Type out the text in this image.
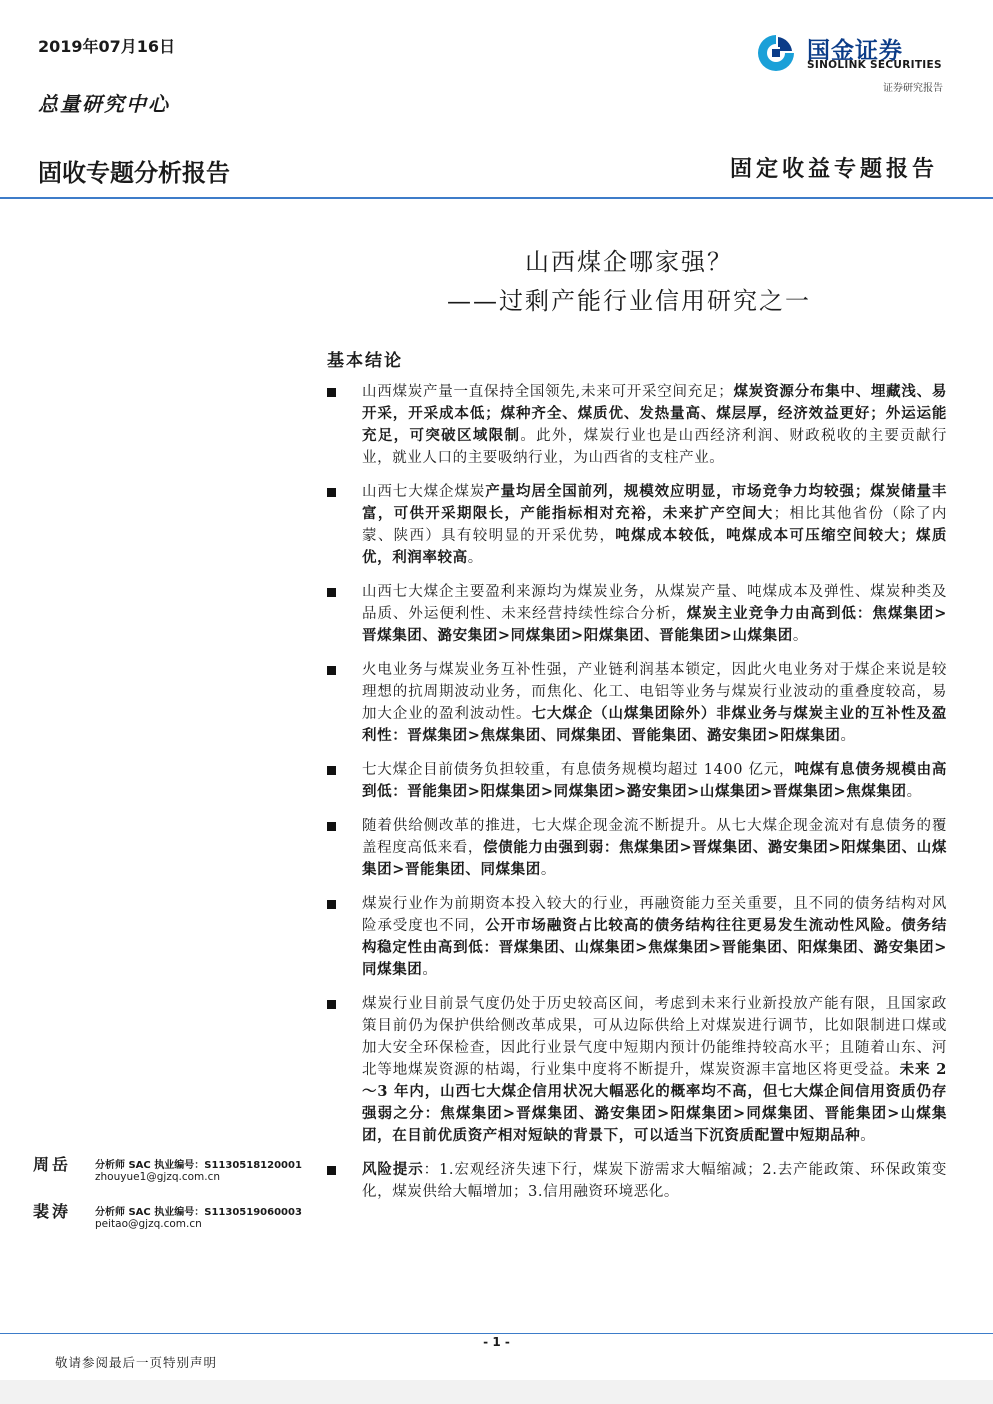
2019年07月16日
总量研究中心
固收专题分析报告	固定收益专题报告
国金证券
SINOLINK SECURITIES
证券研究报告
山西煤企哪家强？
——过剩产能行业信用研究之一
基本结论
山西煤炭产量一直保持全国领先,未来可开采空间充足；煤炭资源分布集中、埋藏浅、易开采，开采成本低；煤种齐全、煤质优、发热量高、煤层厚，经济效益更好；外运运能充足，可突破区域限制。此外，煤炭行业也是山西经济利润、财政税收的主要贡献行业，就业人口的主要吸纳行业，为山西省的支柱产业。
山西七大煤企煤炭产量均居全国前列，规模效应明显，市场竞争力均较强；煤炭储量丰富，可供开采期限长，产能指标相对充裕，未来扩产空间大；相比其他省份（除了内蒙、陕西）具有较明显的开采优势，吨煤成本较低，吨煤成本可压缩空间较大；煤质优，利润率较高。
山西七大煤企主要盈利来源均为煤炭业务，从煤炭产量、吨煤成本及弹性、煤炭种类及品质、外运便利性、未来经营持续性综合分析，煤炭主业竞争力由高到低：焦煤集团>晋煤集团、潞安集团>同煤集团>阳煤集团、晋能集团>山煤集团。
火电业务与煤炭业务互补性强，产业链利润基本锁定，因此火电业务对于煤企来说是较理想的抗周期波动业务，而焦化、化工、电铝等业务与煤炭行业波动的重叠度较高，易加大企业的盈利波动性。七大煤企（山煤集团除外）非煤业务与煤炭主业的互补性及盈利性：晋煤集团>焦煤集团、同煤集团、晋能集团、潞安集团>阳煤集团。
七大煤企目前债务负担较重，有息债务规模均超过 1400 亿元，吨煤有息债务规模由高到低：晋能集团>阳煤集团>同煤集团>潞安集团>山煤集团>晋煤集团>焦煤集团。
随着供给侧改革的推进，七大煤企现金流不断提升。从七大煤企现金流对有息债务的覆盖程度高低来看，偿债能力由强到弱：焦煤集团>晋煤集团、潞安集团>阳煤集团、山煤集团>晋能集团、同煤集团。
煤炭行业作为前期资本投入较大的行业，再融资能力至关重要，且不同的债务结构对风险承受度也不同，公开市场融资占比较高的债务结构往往更易发生流动性风险。债务结构稳定性由高到低：晋煤集团、山煤集团>焦煤集团>晋能集团、阳煤集团、潞安集团>同煤集团。
煤炭行业目前景气度仍处于历史较高区间，考虑到未来行业新投放产能有限，且国家政策目前仍为保护供给侧改革成果，可从边际供给上对煤炭进行调节，比如限制进口煤或加大安全环保检查，因此行业景气度中短期内预计仍能维持较高水平；且随着山东、河北等地煤炭资源的枯竭，行业集中度将不断提升，煤炭资源丰富地区将更受益。未来 2～3 年内，山西七大煤企信用状况大幅恶化的概率均不高，但七大煤企间信用资质仍存强弱之分：焦煤集团>晋煤集团、潞安集团>阳煤集团>同煤集团、晋能集团>山煤集团，在目前优质资产相对短缺的背景下，可以适当下沉资质配置中短期品种。
风险提示：1.宏观经济失速下行，煤炭下游需求大幅缩减；2.去产能政策、环保政策变化，煤炭供给大幅增加；3.信用融资环境恶化。
周岳 分析师 SAC 执业编号：S1130518120001
zhouyue1@gjzq.com.cn
裴涛 分析师 SAC 执业编号：S1130519060003
peitao@gjzq.com.cn
- 1 -
敬请参阅最后一页特别声明
